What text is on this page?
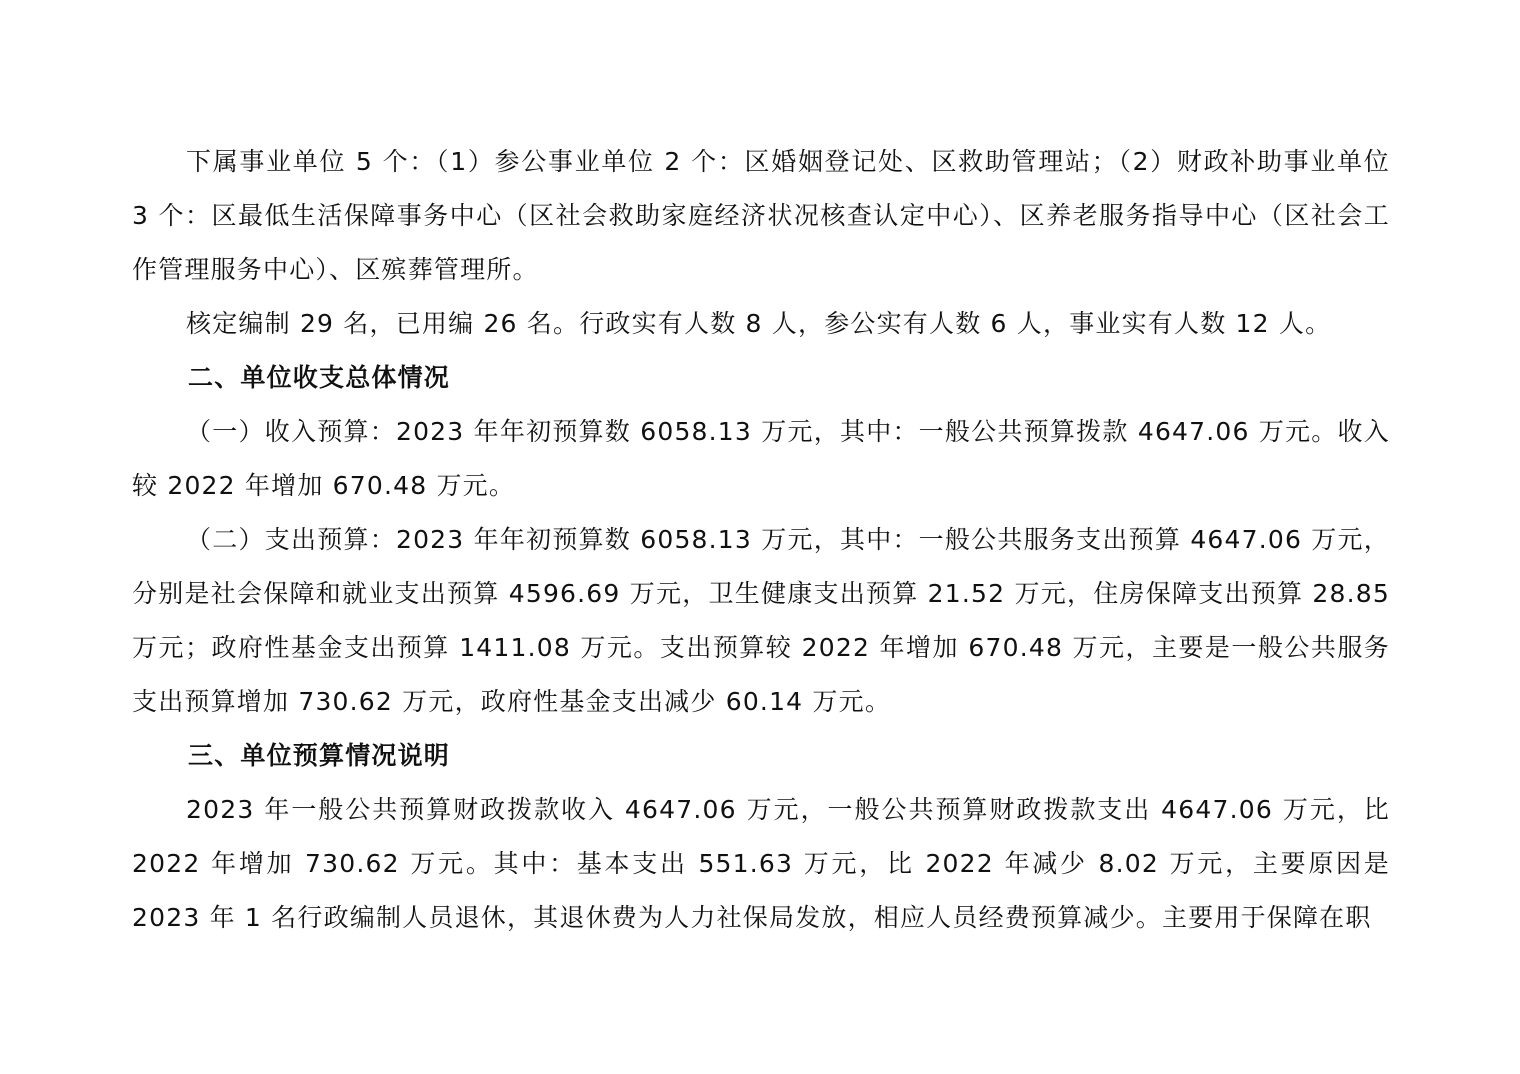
下属事业单位 5 个：（1）参公事业单位 2 个：区婚姻登记处、区救助管理站；（2）财政补助事业单位 3 个：区最低生活保障事务中心（区社会救助家庭经济状况核查认定中心）、区养老服务指导中心（区社会工作管理服务中心）、区殡葬管理所。

核定编制 29 名，已用编 26 名。行政实有人数 8 人，参公实有人数 6 人，事业实有人数 12 人。

二、单位收支总体情况

（一）收入预算：2023 年年初预算数 6058.13 万元，其中：一般公共预算拨款 4647.06 万元。收入较 2022 年增加 670.48 万元。

（二）支出预算：2023 年年初预算数 6058.13 万元，其中：一般公共服务支出预算 4647.06 万元，分别是社会保障和就业支出预算 4596.69 万元，卫生健康支出预算 21.52 万元，住房保障支出预算 28.85 万元；政府性基金支出预算 1411.08 万元。支出预算较 2022 年增加 670.48 万元，主要是一般公共服务支出预算增加 730.62 万元，政府性基金支出减少 60.14 万元。

三、单位预算情况说明

2023 年一般公共预算财政拨款收入 4647.06 万元，一般公共预算财政拨款支出 4647.06 万元，比 2022 年增加 730.62 万元。其中：基本支出 551.63 万元，比 2022 年减少 8.02 万元，主要原因是 2023 年 1 名行政编制人员退休，其退休费为人力社保局发放，相应人员经费预算减少。主要用于保障在职
